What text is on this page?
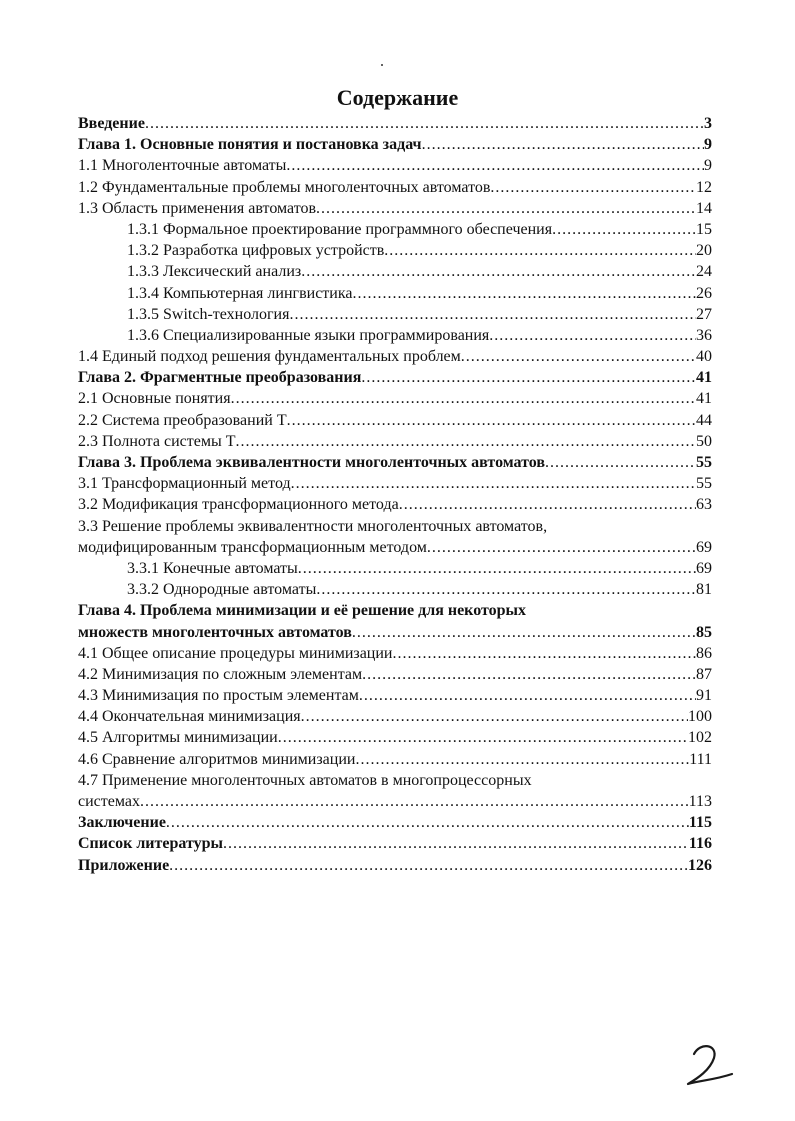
Содержание
Введение .....	3
Глава 1. Основные понятия и постановка задач .....	9
1.1 Многоленточные автоматы .....	9
1.2 Фундаментальные проблемы многоленточных автоматов .....	12
1.3 Область применения автоматов .....	14
1.3.1 Формальное проектирование программного обеспечения .....	15
1.3.2 Разработка цифровых устройств .....	20
1.3.3 Лексический анализ .....	24
1.3.4 Компьютерная лингвистика .....	26
1.3.5 Switch-технология .....	27
1.3.6 Специализированные языки программирования .....	36
1.4 Единый подход решения фундаментальных проблем .....	40
Глава 2. Фрагментные преобразования .....	41
2.1 Основные понятия .....	41
2.2 Система преобразований T .....	44
2.3 Полнота системы T .....	50
Глава 3. Проблема эквивалентности многоленточных автоматов .....	55
3.1 Трансформационный метод .....	55
3.2 Модификация трансформационного метода .....	63
3.3 Решение проблемы эквивалентности многоленточных автоматов,
модифицированным трансформационным методом .....	69
3.3.1 Конечные автоматы .....	69
3.3.2 Однородные автоматы .....	81
Глава 4. Проблема минимизации и её решение для некоторых
множеств многоленточных автоматов .....	85
4.1 Общее описание процедуры минимизации .....	86
4.2 Минимизация по сложным элементам .....	87
4.3 Минимизация по простым элементам .....	91
4.4 Окончательная минимизация .....	100
4.5 Алгоритмы минимизации .....	102
4.6 Сравнение алгоритмов минимизации .....	111
4.7 Применение многоленточных автоматов в многопроцессорных
системах .....	113
Заключение .....	115
Список литературы .....	116
Приложение .....	126
